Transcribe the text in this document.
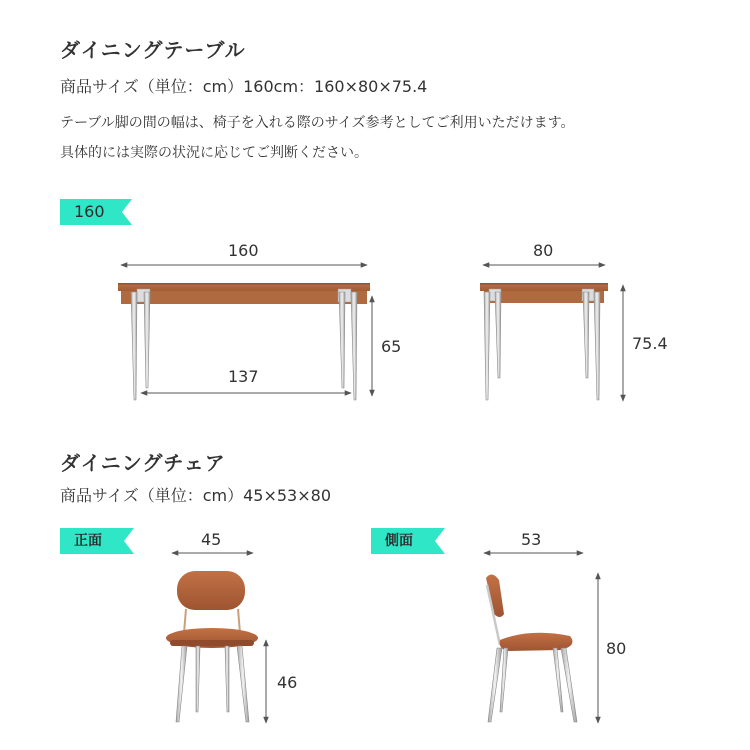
ダイニングテーブル
商品サイズ（単位：cm）160cm：160×80×75.4
テーブル脚の間の幅は、椅子を入れる際のサイズ参考としてご利用いただけます。
具体的には実際の状況に応じてご判断ください。
160
160
137
65
80
75.4
ダイニングチェア
商品サイズ（単位：cm）45×53×80
正面	側面
45
46
53
80
